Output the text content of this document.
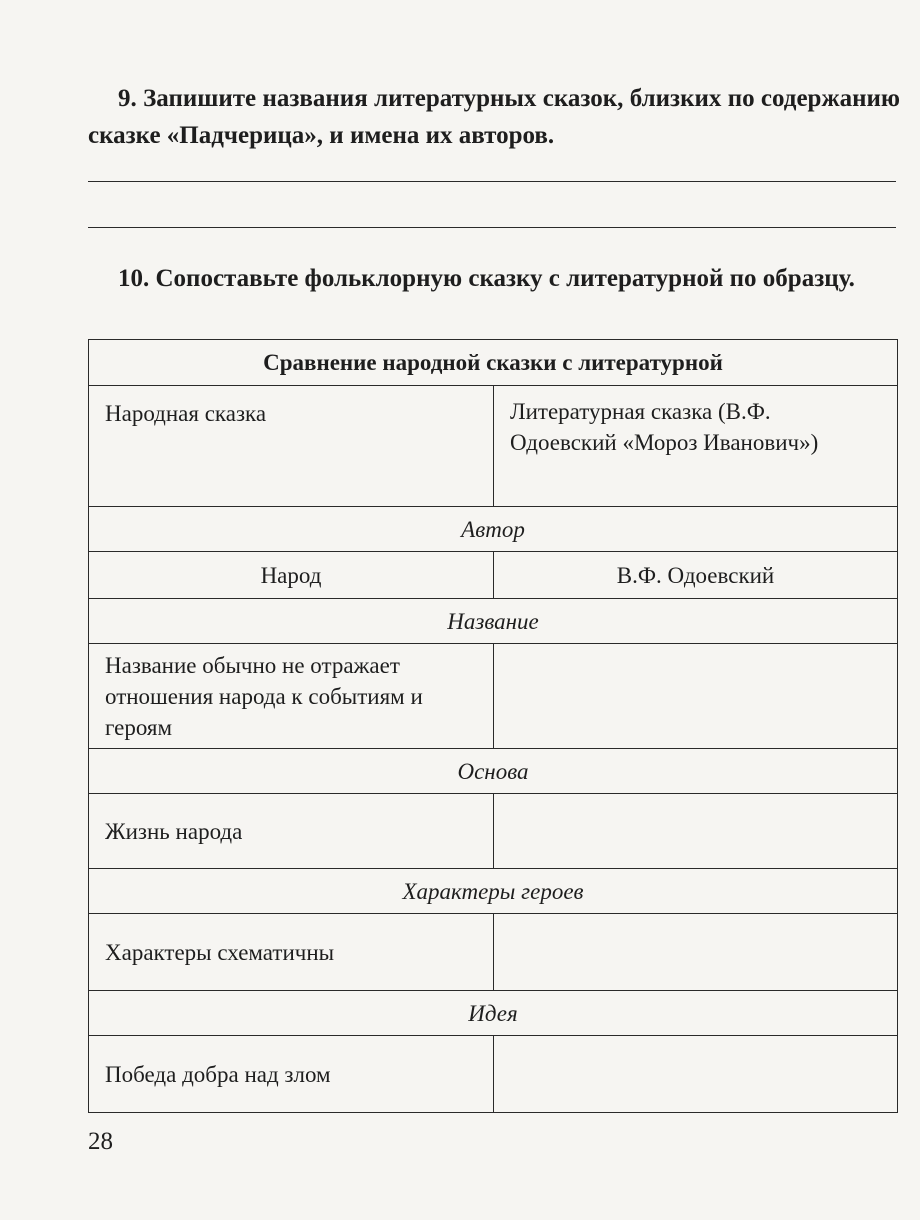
9. Запишите названия литературных сказок, близких по содержанию сказке «Падчерица», и имена их авторов.
10. Сопоставьте фольклорную сказку с литературной по образцу.
Сравнение народной сказки с литературной	
Народная сказка	Литературная сказка (В.Ф. Одоевский «Мороз Иванович»)
Автор	
Народ	В.Ф. Одоевский
Название	
Название обычно не отражает отношения народа к событиям и героям	
Основа	
Жизнь народа	
Характеры героев	
Характеры схематичны	
Идея	
Победа добра над злом	
28
